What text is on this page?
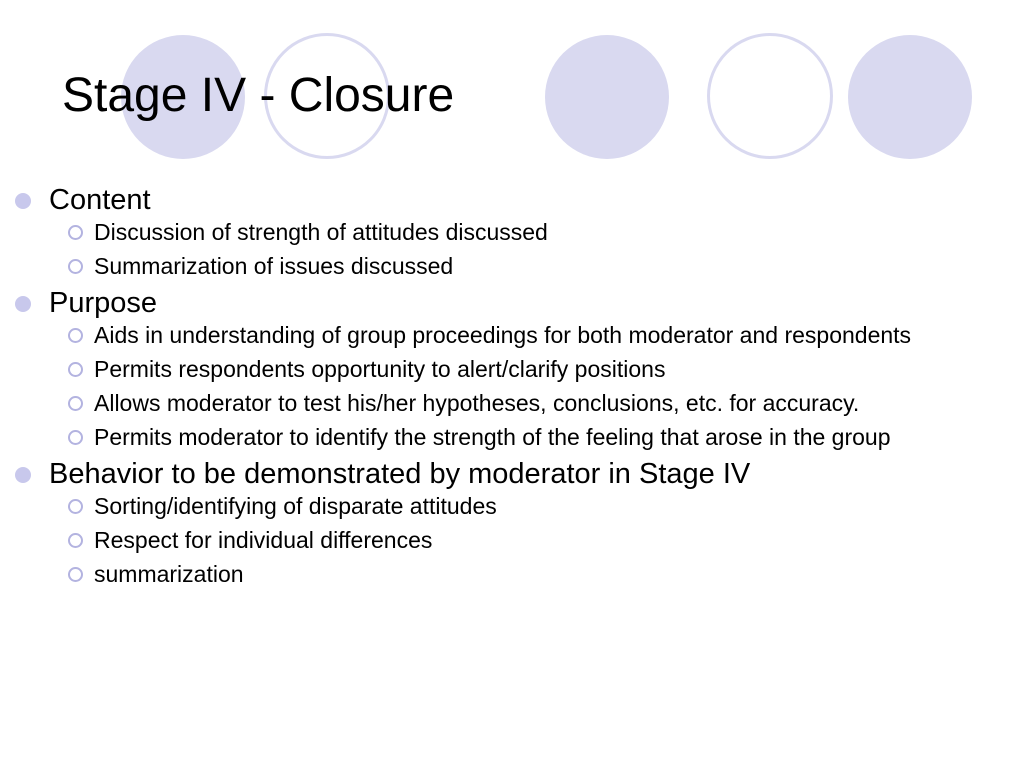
Stage IV - Closure
Content
Discussion of strength of attitudes discussed
Summarization of issues discussed
Purpose
Aids in understanding of group proceedings for both moderator and respondents
Permits respondents opportunity to alert/clarify positions
Allows moderator to test his/her hypotheses, conclusions, etc. for accuracy.
Permits moderator to identify the strength of the feeling that arose in the group
Behavior to be demonstrated by moderator in Stage IV
Sorting/identifying of disparate attitudes
Respect for individual differences
summarization
